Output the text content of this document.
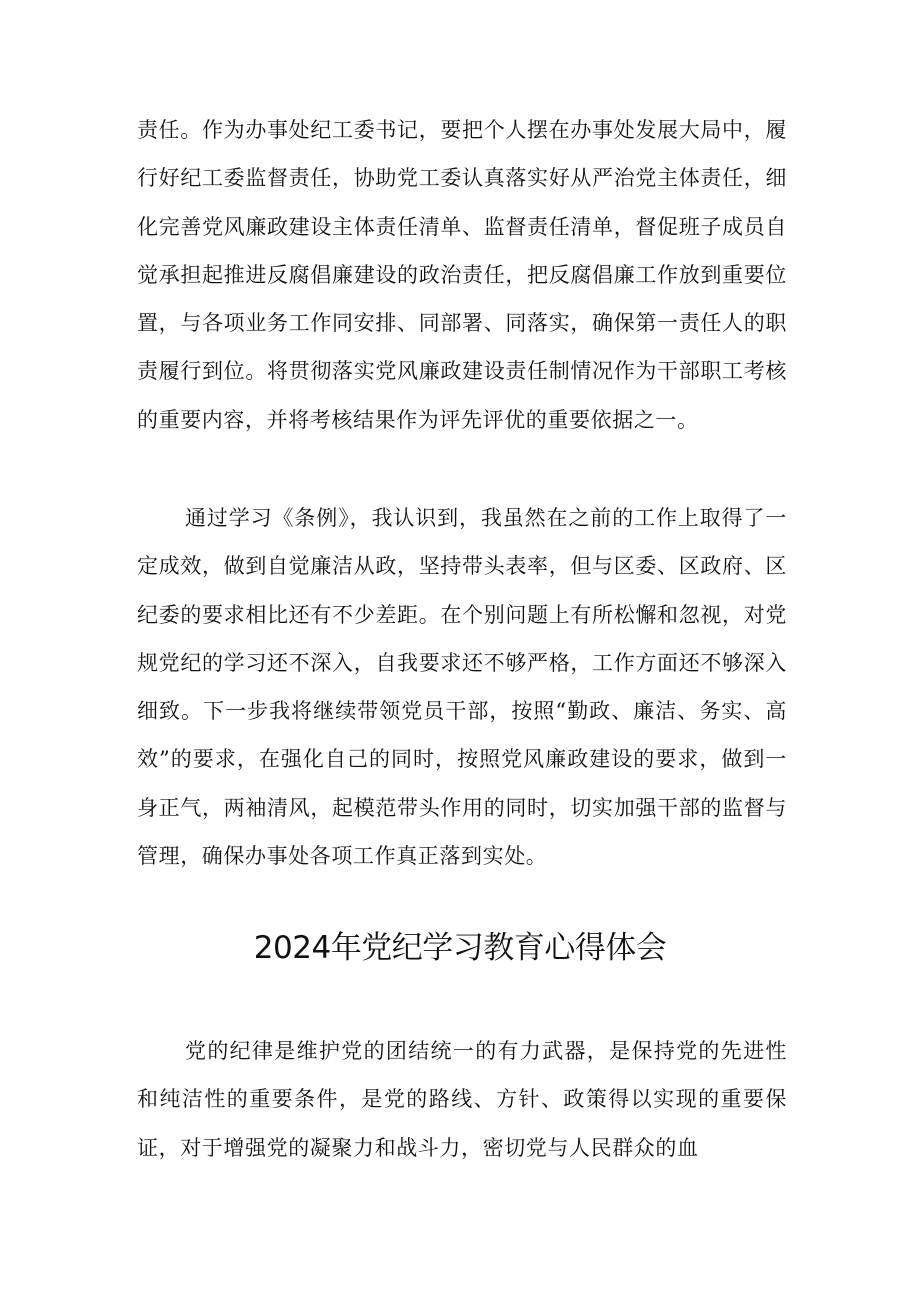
责任。作为办事处纪工委书记，要把个人摆在办事处发展大局中，履行好纪工委监督责任，协助党工委认真落实好从严治党主体责任，细化完善党风廉政建设主体责任清单、监督责任清单，督促班子成员自觉承担起推进反腐倡廉建设的政治责任，把反腐倡廉工作放到重要位置，与各项业务工作同安排、同部署、同落实，确保第一责任人的职责履行到位。将贯彻落实党风廉政建设责任制情况作为干部职工考核的重要内容，并将考核结果作为评先评优的重要依据之一。

通过学习《条例》，我认识到，我虽然在之前的工作上取得了一定成效，做到自觉廉洁从政，坚持带头表率，但与区委、区政府、区纪委的要求相比还有不少差距。在个别问题上有所松懈和忽视，对党规党纪的学习还不深入，自我要求还不够严格，工作方面还不够深入细致。下一步我将继续带领党员干部，按照“勤政、廉洁、务实、高效”的要求，在强化自己的同时，按照党风廉政建设的要求，做到一身正气，两袖清风，起模范带头作用的同时，切实加强干部的监督与管理，确保办事处各项工作真正落到实处。

2024年党纪学习教育心得体会

党的纪律是维护党的团结统一的有力武器，是保持党的先进性和纯洁性的重要条件，是党的路线、方针、政策得以实现的重要保证，对于增强党的凝聚力和战斗力，密切党与人民群众的血
